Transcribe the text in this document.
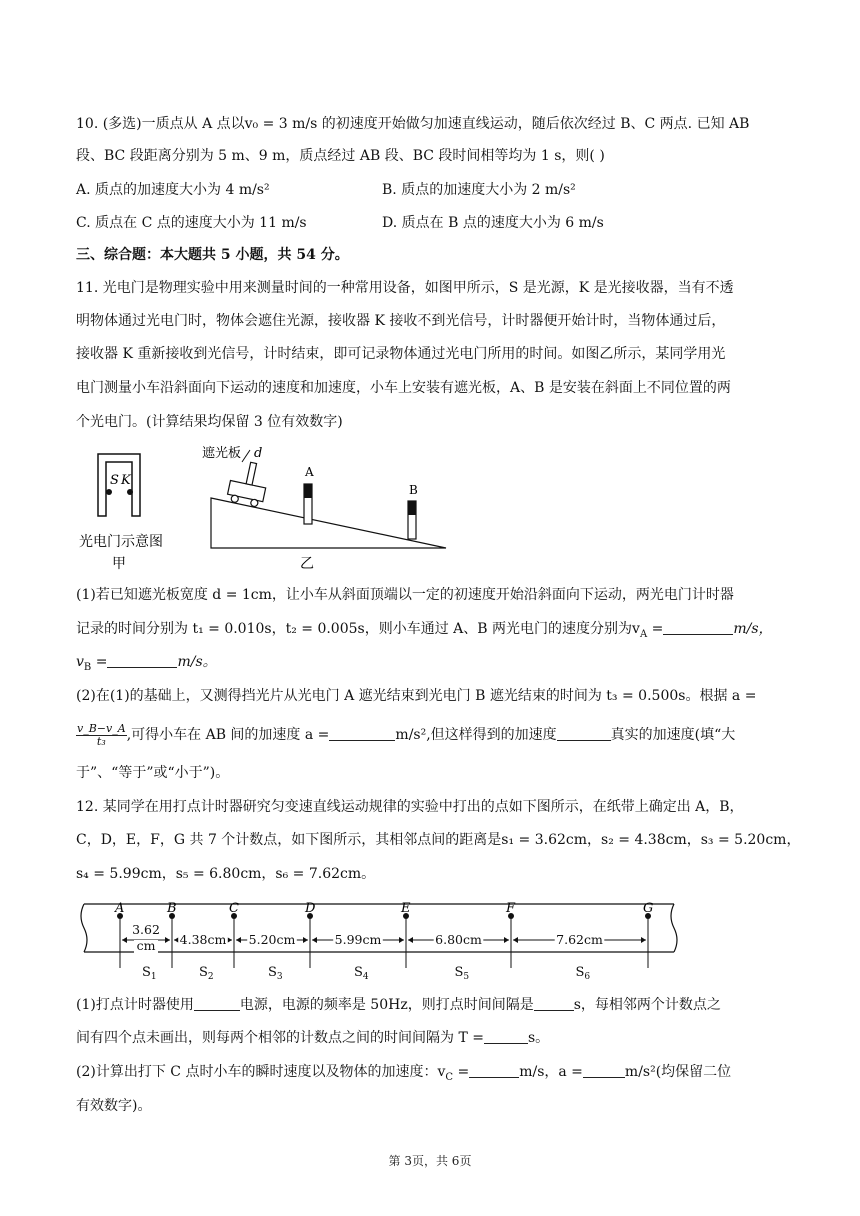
10. (多选)一质点从 A 点以v₀ = 3 m/s 的初速度开始做匀加速直线运动，随后依次经过 B、C 两点. 已知 AB
段、BC 段距离分别为 5 m、9 m，质点经过 AB 段、BC 段时间相等均为 1 s，则( )
A. 质点的加速度大小为 4 m/s²	B. 质点的加速度大小为 2 m/s²
C. 质点在 C 点的速度大小为 11 m/s	D. 质点在 B 点的速度大小为 6 m/s
三、综合题：本大题共 5 小题，共 54 分。
11. 光电门是物理实验中用来测量时间的一种常用设备，如图甲所示，S 是光源，K 是光接收器，当有不透
明物体通过光电门时，物体会遮住光源，接收器 K 接收不到光信号，计时器便开始计时，当物体通过后，
接收器 K 重新接收到光信号，计时结束，即可记录物体通过光电门所用的时间。如图乙所示，某同学用光
电门测量小车沿斜面向下运动的速度和加速度，小车上安装有遮光板，A、B 是安装在斜面上不同位置的两
个光电门。(计算结果均保留 3 位有效数字)
S K
光电门示意图
甲
遮光板 d
A
B
乙
(1)若已知遮光板宽度 d = 1cm，让小车从斜面顶端以一定的初速度开始沿斜面向下运动，两光电门计时器
记录的时间分别为 t₁ = 0.010s，t₂ = 0.005s，则小车通过 A、B 两光电门的速度分别为$v_A$ =	m/s，
$v_B$ =	m/s。
(2)在(1)的基础上，又测得挡光片从光电门 A 遮光结束到光电门 B 遮光结束的时间为 t₃ = 0.500s。根据 a =
$\frac{v\_B-v\_A}{\text{t₃}}$ ,可得小车在 AB 间的加速度 a =	m/s²,但这样得到的加速度	真实的加速度(填“大
于”、“等于”或“小于”)。
12. 某同学在用打点计时器研究匀变速直线运动规律的实验中打出的点如下图所示，在纸带上确定出 A，B，
C，D，E，F，G 共 7 个计数点，如下图所示，其相邻点间的距离是s₁ = 3.62cm，s₂ = 4.38cm，s₃ = 5.20cm，
s₄ = 5.99cm，s₅ = 6.80cm，s₆ = 7.62cm。
A	B	C	D	E	F	G
3.62
cm
$S_1$
4.38cm
$S_2$
5.20cm
$S_3$
5.99cm
$S_4$
6.80cm
$S_5$
7.62cm
$S_6$
(1)打点计时器使用	电源，电源的频率是 50Hz，则打点时间间隔是	s，每相邻两个计数点之
间有四个点未画出，则每两个相邻的计数点之间的时间间隔为 T =	s。
(2)计算出打下 C 点时小车的瞬时速度以及物体的加速度：$v_C$ =	m/s，a =	m/s²(均保留二位
有效数字)。
第 3页，共 6页
